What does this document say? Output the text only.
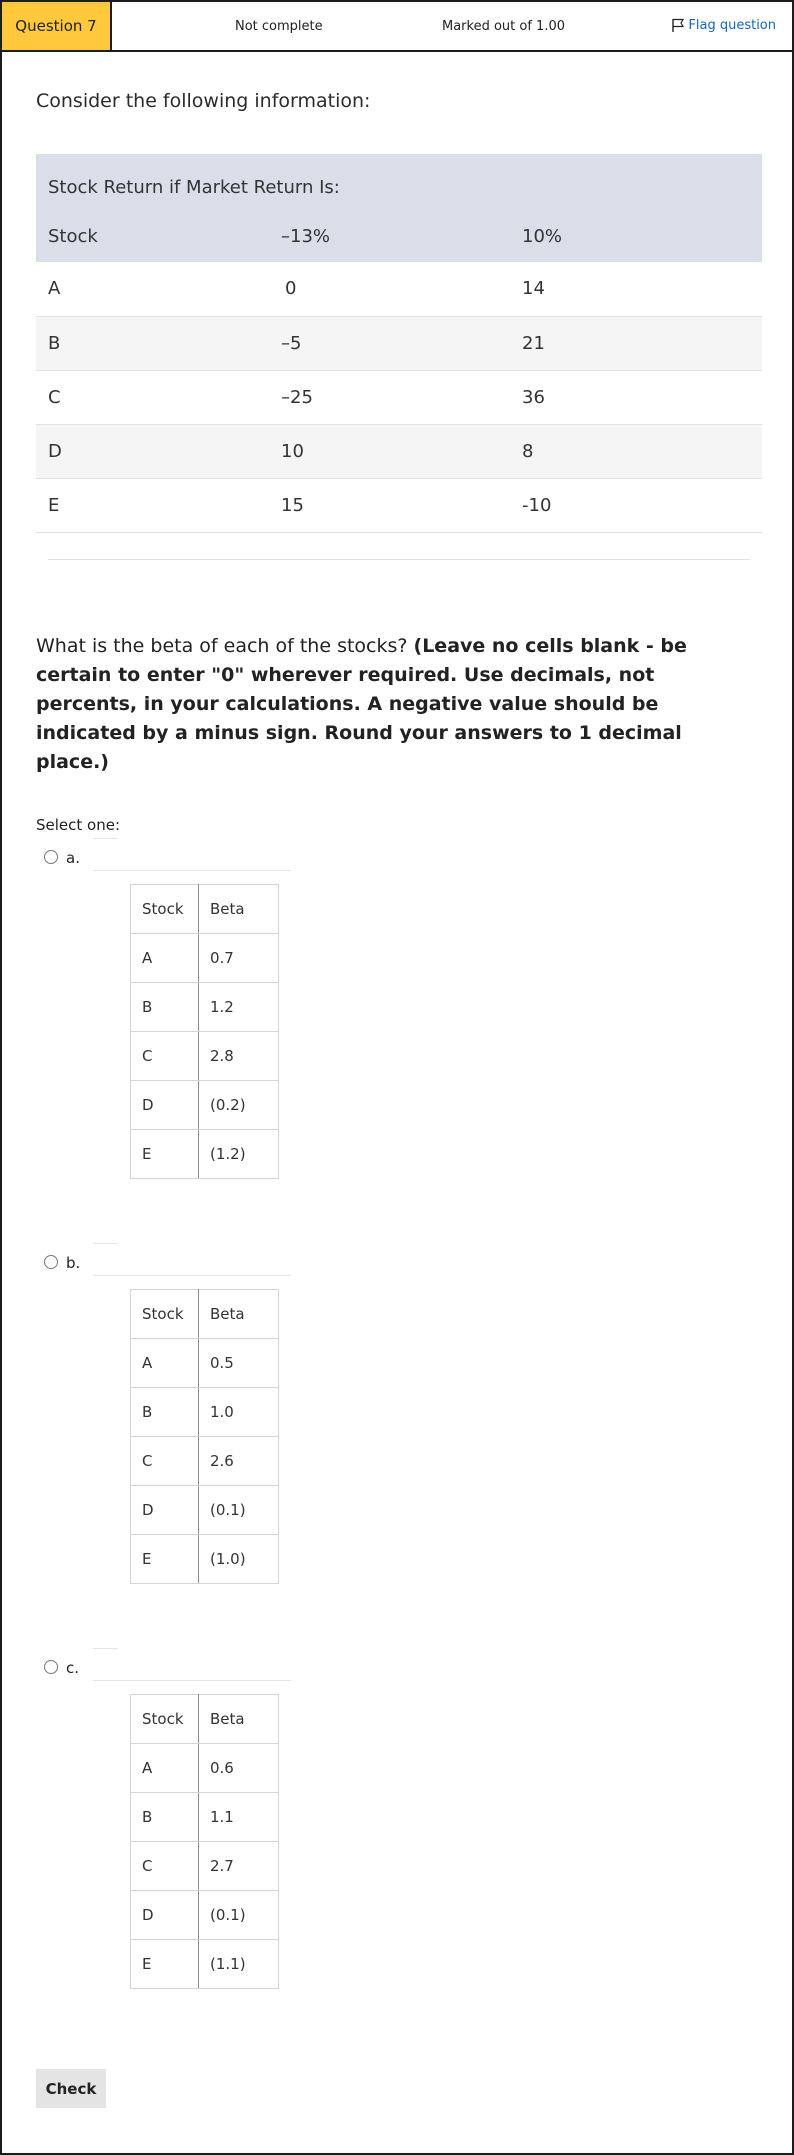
Question 7	Not complete	Marked out of 1.00	Flag question
Consider the following information:
Stock Return if Market Return Is:		
Stock	–13%	10%
A	0	14
B	–5	21
C	–25	36
D	10	8
E	15	-10
What is the beta of each of the stocks? (Leave no cells blank - be certain to enter "0" wherever required. Use decimals, not percents, in your calculations. A negative value should be indicated by a minus sign. Round your answers to 1 decimal place.)
Select one:
a.
Stock	Beta
A	0.7
B	1.2
C	2.8
D	(0.2)
E	(1.2)
b.
Stock	Beta
A	0.5
B	1.0
C	2.6
D	(0.1)
E	(1.0)
c.
Stock	Beta
A	0.6
B	1.1
C	2.7
D	(0.1)
E	(1.1)
Check
